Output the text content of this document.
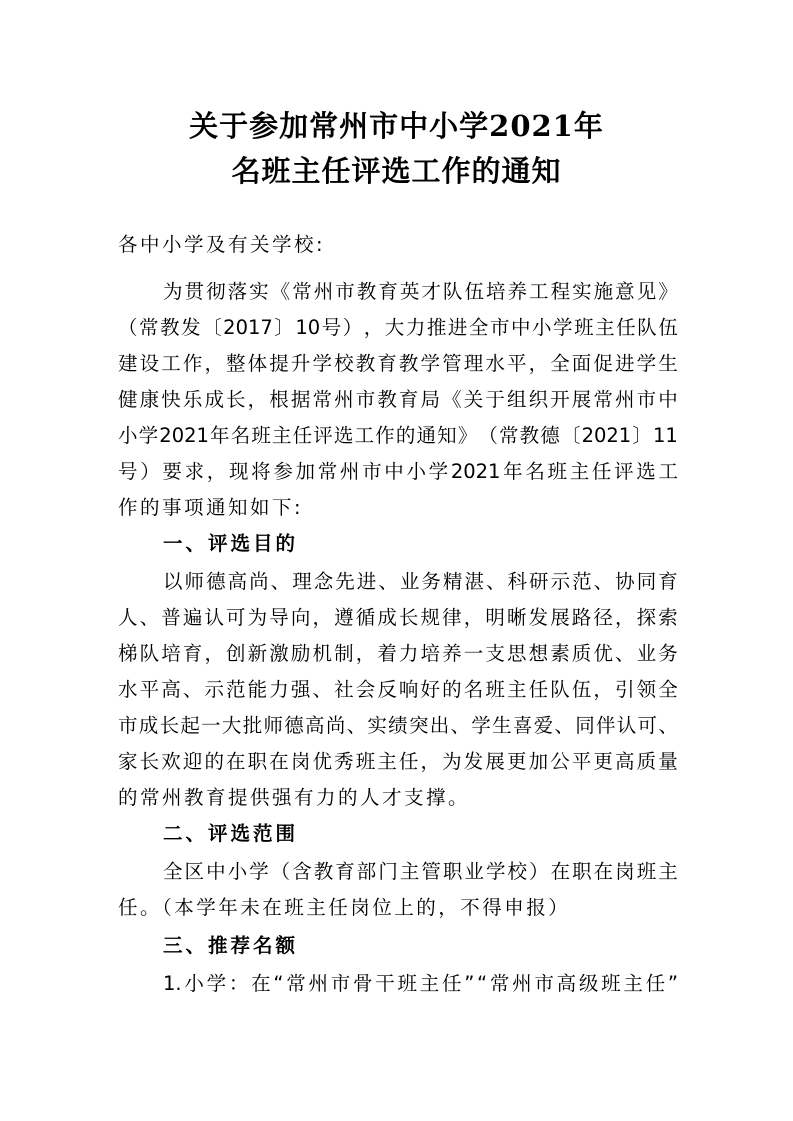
关于参加常州市中小学2021年
名班主任评选工作的通知
各中小学及有关学校:
为 贯 彻 落 实 《 常 州 市 教 育 英 才 队 伍 培 养 工 程 实 施 意 见 》
（ 常 教 发 〔 2017 〕 10 号 ） ， 大 力 推 进 全 市 中 小 学 班 主 任 队 伍
建 设 工 作 ， 整 体 提 升 学 校 教 育 教 学 管 理 水 平 ， 全 面 促 进 学 生
健 康 快 乐 成 长 ， 根 据 常 州 市 教 育 局 《 关 于 组 织 开 展 常 州 市 中
小 学 2021 年 名 班 主 任 评 选 工 作 的 通 知 》 （ 常 教 德 〔 2021 〕 11
号 ） 要 求 ， 现 将 参 加 常 州 市 中 小 学 2021 年 名 班 主 任 评 选 工
作的事项通知如下:
一、评选目的
以 师 德 高 尚 、 理 念 先 进 、 业 务 精 湛 、 科 研 示 范 、 协 同 育
人 、 普 遍 认 可 为 导 向 ， 遵 循 成 长 规 律 ， 明 晰 发 展 路 径 ， 探 索
梯 队 培 育 ， 创 新 激 励 机 制 ， 着 力 培 养 一 支 思 想 素 质 优 、 业 务
水 平 高 、 示 范 能 力 强 、 社 会 反 响 好 的 名 班 主 任 队 伍 ， 引 领 全
市 成 长 起 一 大 批 师 德 高 尚 、 实 绩 突 出 、 学 生 喜 爱 、 同 伴 认 可 、
家 长 欢 迎 的 在 职 在 岗 优 秀 班 主 任 ， 为 发 展 更 加 公 平 更 高 质 量
的常州教育提供强有力的人才支撑。
二、评选范围
全 区 中 小 学 （ 含 教 育 部 门 主 管 职 业 学 校 ） 在 职 在 岗 班 主
任。（本学年未在班主任岗位上的，不得申报）
三、推荐名额
1. 小 学 ： 在 “ 常 州 市 骨 干 班 主 任 ” “ 常 州 市 高 级 班 主 任 ”
